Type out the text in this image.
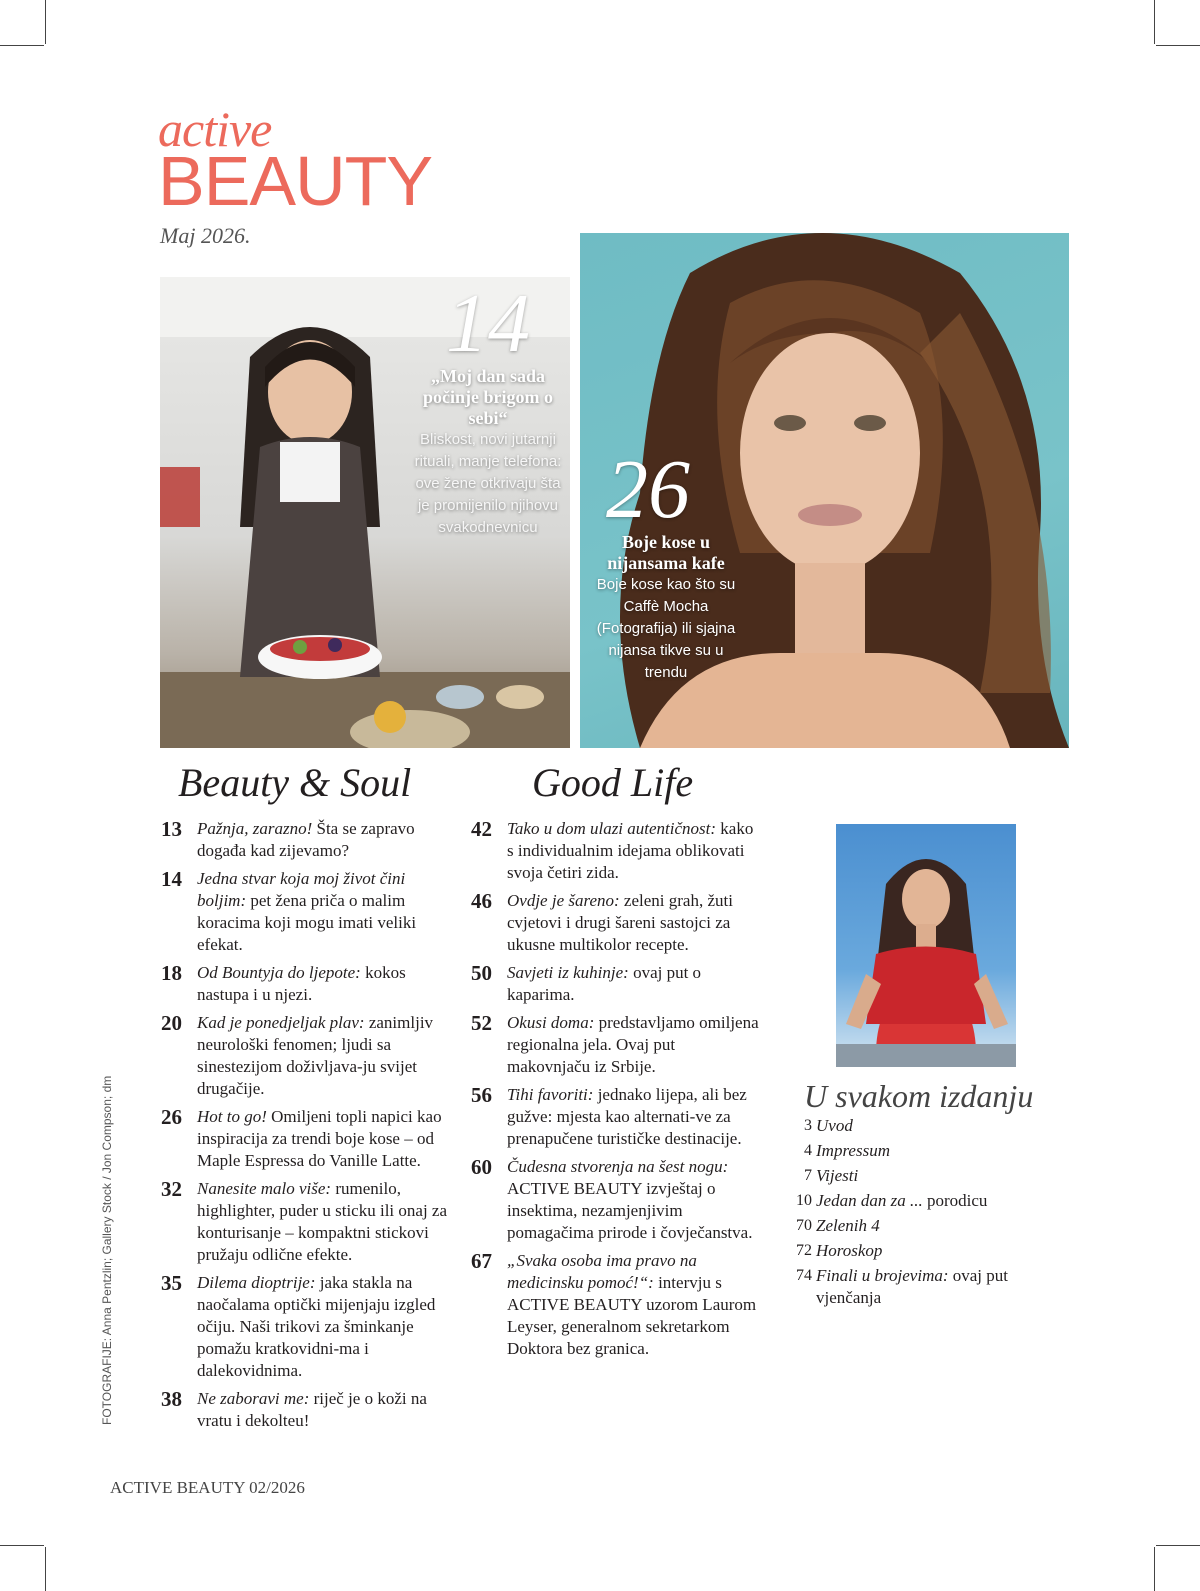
active
BEAUTY
Maj 2026.
14
„Moj dan sada počinje brigom o sebi“
Bliskost, novi jutarnji rituali, manje telefona: ove žene otkrivaju šta je promijenilo njihovu svakodnevnicu 26
Boje kose u nijansama kafe
Boje kose kao što su Caffè Mocha (Fotografija) ili sjajna nijansa tikve su u trendu
Beauty & Soul	Good Life
13 Pažnja, zarazno! Šta se zapravo događa kad zijevamo?
14 Jedna stvar koja moj život čini boljim: pet žena priča o malim koracima koji mogu imati veliki efekat.
18 Od Bountyja do ljepote: kokos nastupa i u njezi.
20 Kad je ponedjeljak plav: zanimljiv neurološki fenomen; ljudi sa sinestezijom doživljava-ju svijet drugačije.
26 Hot to go! Omiljeni topli napici kao inspiracija za trendi boje kose – od Maple Espressa do Vanille Latte.
32 Nanesite malo više: rumenilo, highlighter, puder u sticku ili onaj za konturisanje – kompaktni stickovi pružaju odlične efekte.
35 Dilema dioptrije: jaka stakla na naočalama optički mijenjaju izgled očiju. Naši trikovi za šminkanje pomažu kratkovidni-ma i dalekovidnima.
38 Ne zaboravi me: riječ je o koži na vratu i dekolteu!
42 Tako u dom ulazi autentičnost: kako s individualnim idejama oblikovati svoja četiri zida.
46 Ovdje je šareno: zeleni grah, žuti cvjetovi i drugi šareni sastojci za ukusne multikolor recepte.
50 Savjeti iz kuhinje: ovaj put o kaparima.
52 Okusi doma: predstavljamo omiljena regionalna jela. Ovaj put makovnjaču iz Srbije.
56 Tihi favoriti: jednako lijepa, ali bez gužve: mjesta kao alternati-ve za prenapučene turističke destinacije.
60 Čudesna stvorenja na šest nogu: ACTIVE BEAUTY izvještaj o insektima, nezamjenjivim pomagačima prirode i čovječanstva.
67 „Svaka osoba ima pravo na medicinsku pomoć!“: intervju s ACTIVE BEAUTY uzorom Laurom Leyser, generalnom sekretarkom Doktora bez granica.
U svakom izdanju
3 Uvod
4 Impressum
7 Vijesti
10 Jedan dan za ... porodicu
70 Zelenih 4
72 Horoskop
74 Finali u brojevima: ovaj put vjenčanja
FOTOGRAFIJE: Anna Pentzlin; Gallery Stock / Jon Compson; dm
ACTIVE BEAUTY 02/2026
